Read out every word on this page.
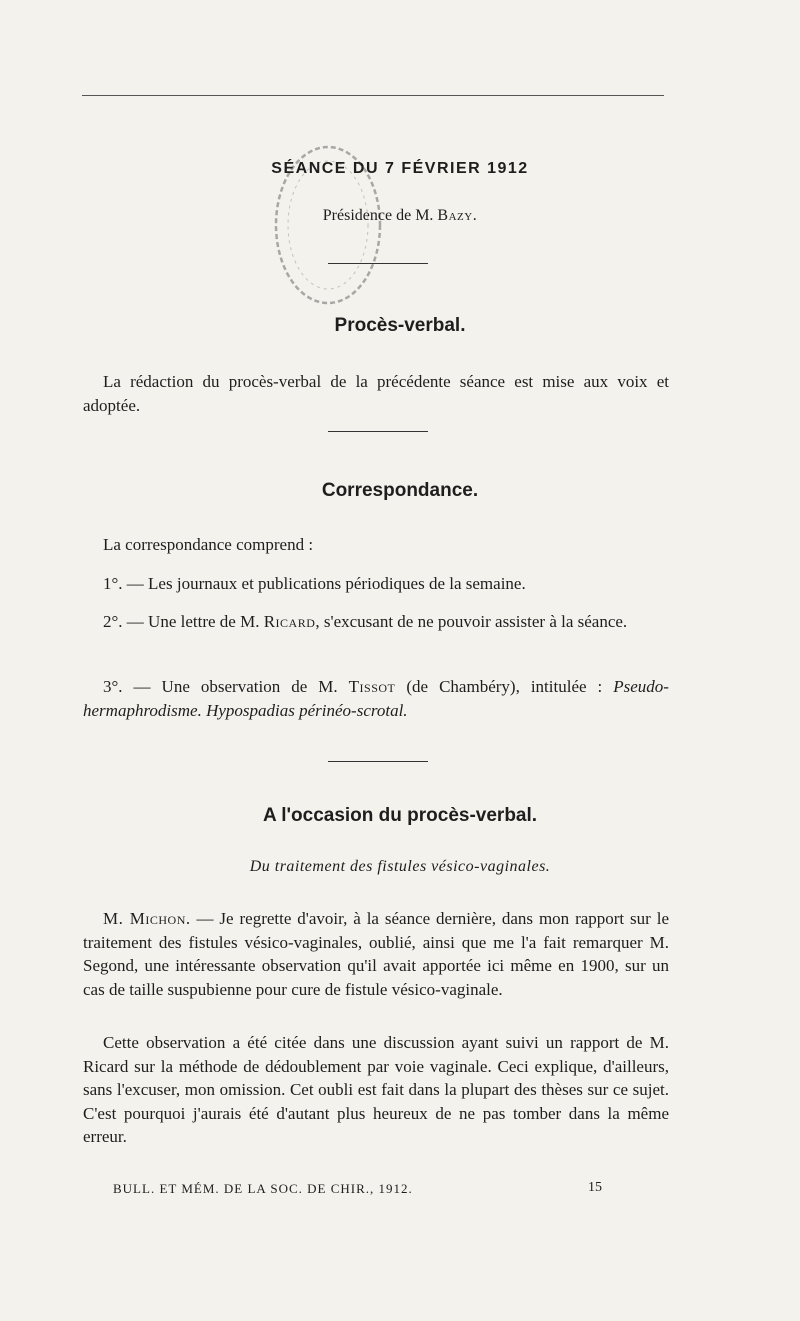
SÉANCE DU 7 FÉVRIER 1912
Présidence de M. Bazy.
Procès-verbal.
La rédaction du procès-verbal de la précédente séance est mise aux voix et adoptée.
Correspondance.
La correspondance comprend :
1°. — Les journaux et publications périodiques de la semaine.
2°. — Une lettre de M. Ricard, s'excusant de ne pouvoir assister à la séance.
3°. — Une observation de M. Tissot (de Chambéry), intitulée : Pseudo-hermaphrodisme. Hypospadias périnéo-scrotal.
A l'occasion du procès-verbal.
Du traitement des fistules vésico-vaginales.
M. Michon. — Je regrette d'avoir, à la séance dernière, dans mon rapport sur le traitement des fistules vésico-vaginales, oublié, ainsi que me l'a fait remarquer M. Segond, une intéressante observation qu'il avait apportée ici même en 1900, sur un cas de taille suspubienne pour cure de fistule vésico-vaginale.
Cette observation a été citée dans une discussion ayant suivi un rapport de M. Ricard sur la méthode de dédoublement par voie vaginale. Ceci explique, d'ailleurs, sans l'excuser, mon omission. Cet oubli est fait dans la plupart des thèses sur ce sujet. C'est pourquoi j'aurais été d'autant plus heureux de ne pas tomber dans la même erreur.
BULL. ET MÉM. DE LA SOC. DE CHIR., 1912.	15
